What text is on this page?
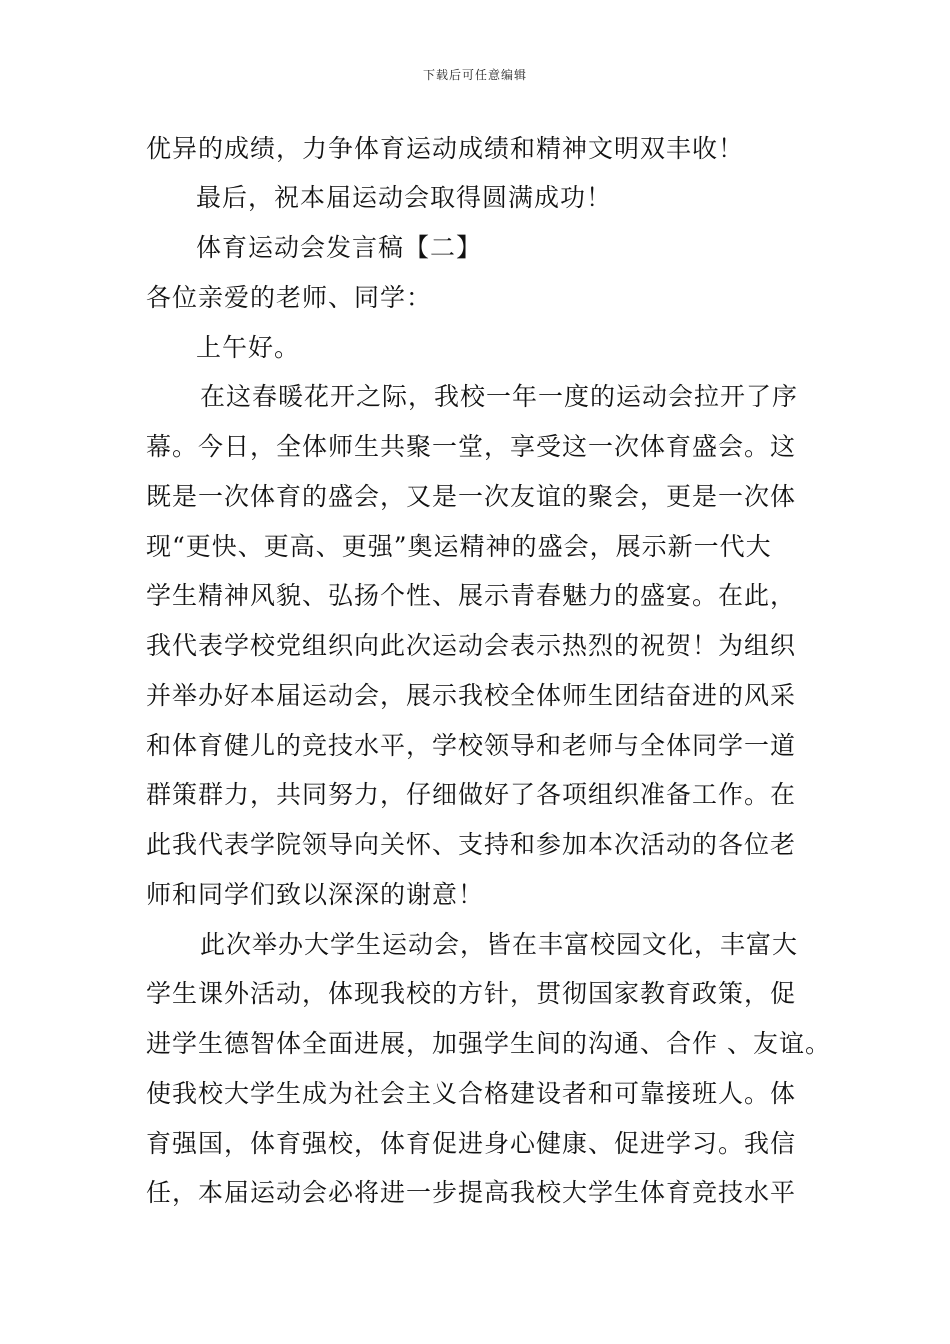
下载后可任意编辑
优异的成绩，力争体育运动成绩和精神文明双丰收！
最后，祝本届运动会取得圆满成功！
体育运动会发言稿【二】
各位亲爱的老师、同学：
上午好。
在这春暖花开之际，我校一年一度的运动会拉开了序
幕。今日，全体师生共聚一堂，享受这一次体育盛会。这
既是一次体育的盛会，又是一次友谊的聚会，更是一次体
现“更快、更高、更强”奥运精神的盛会，展示新一代大
学生精神风貌、弘扬个性、展示青春魅力的盛宴。在此，
我代表学校党组织向此次运动会表示热烈的祝贺！为组织
并举办好本届运动会，展示我校全体师生团结奋进的风采
和体育健儿的竞技水平，学校领导和老师与全体同学一道
群策群力，共同努力，仔细做好了各项组织准备工作。在
此我代表学院领导向关怀、支持和参加本次活动的各位老
师和同学们致以深深的谢意！
此次举办大学生运动会，皆在丰富校园文化，丰富大
学生课外活动，体现我校的方针，贯彻国家教育政策，促
进学生德智体全面进展，加强学生间的沟通、合作 、友谊。
使我校大学生成为社会主义合格建设者和可靠接班人。体
育强国，体育强校，体育促进身心健康、促进学习。我信
任，本届运动会必将进一步提高我校大学生体育竞技水平
